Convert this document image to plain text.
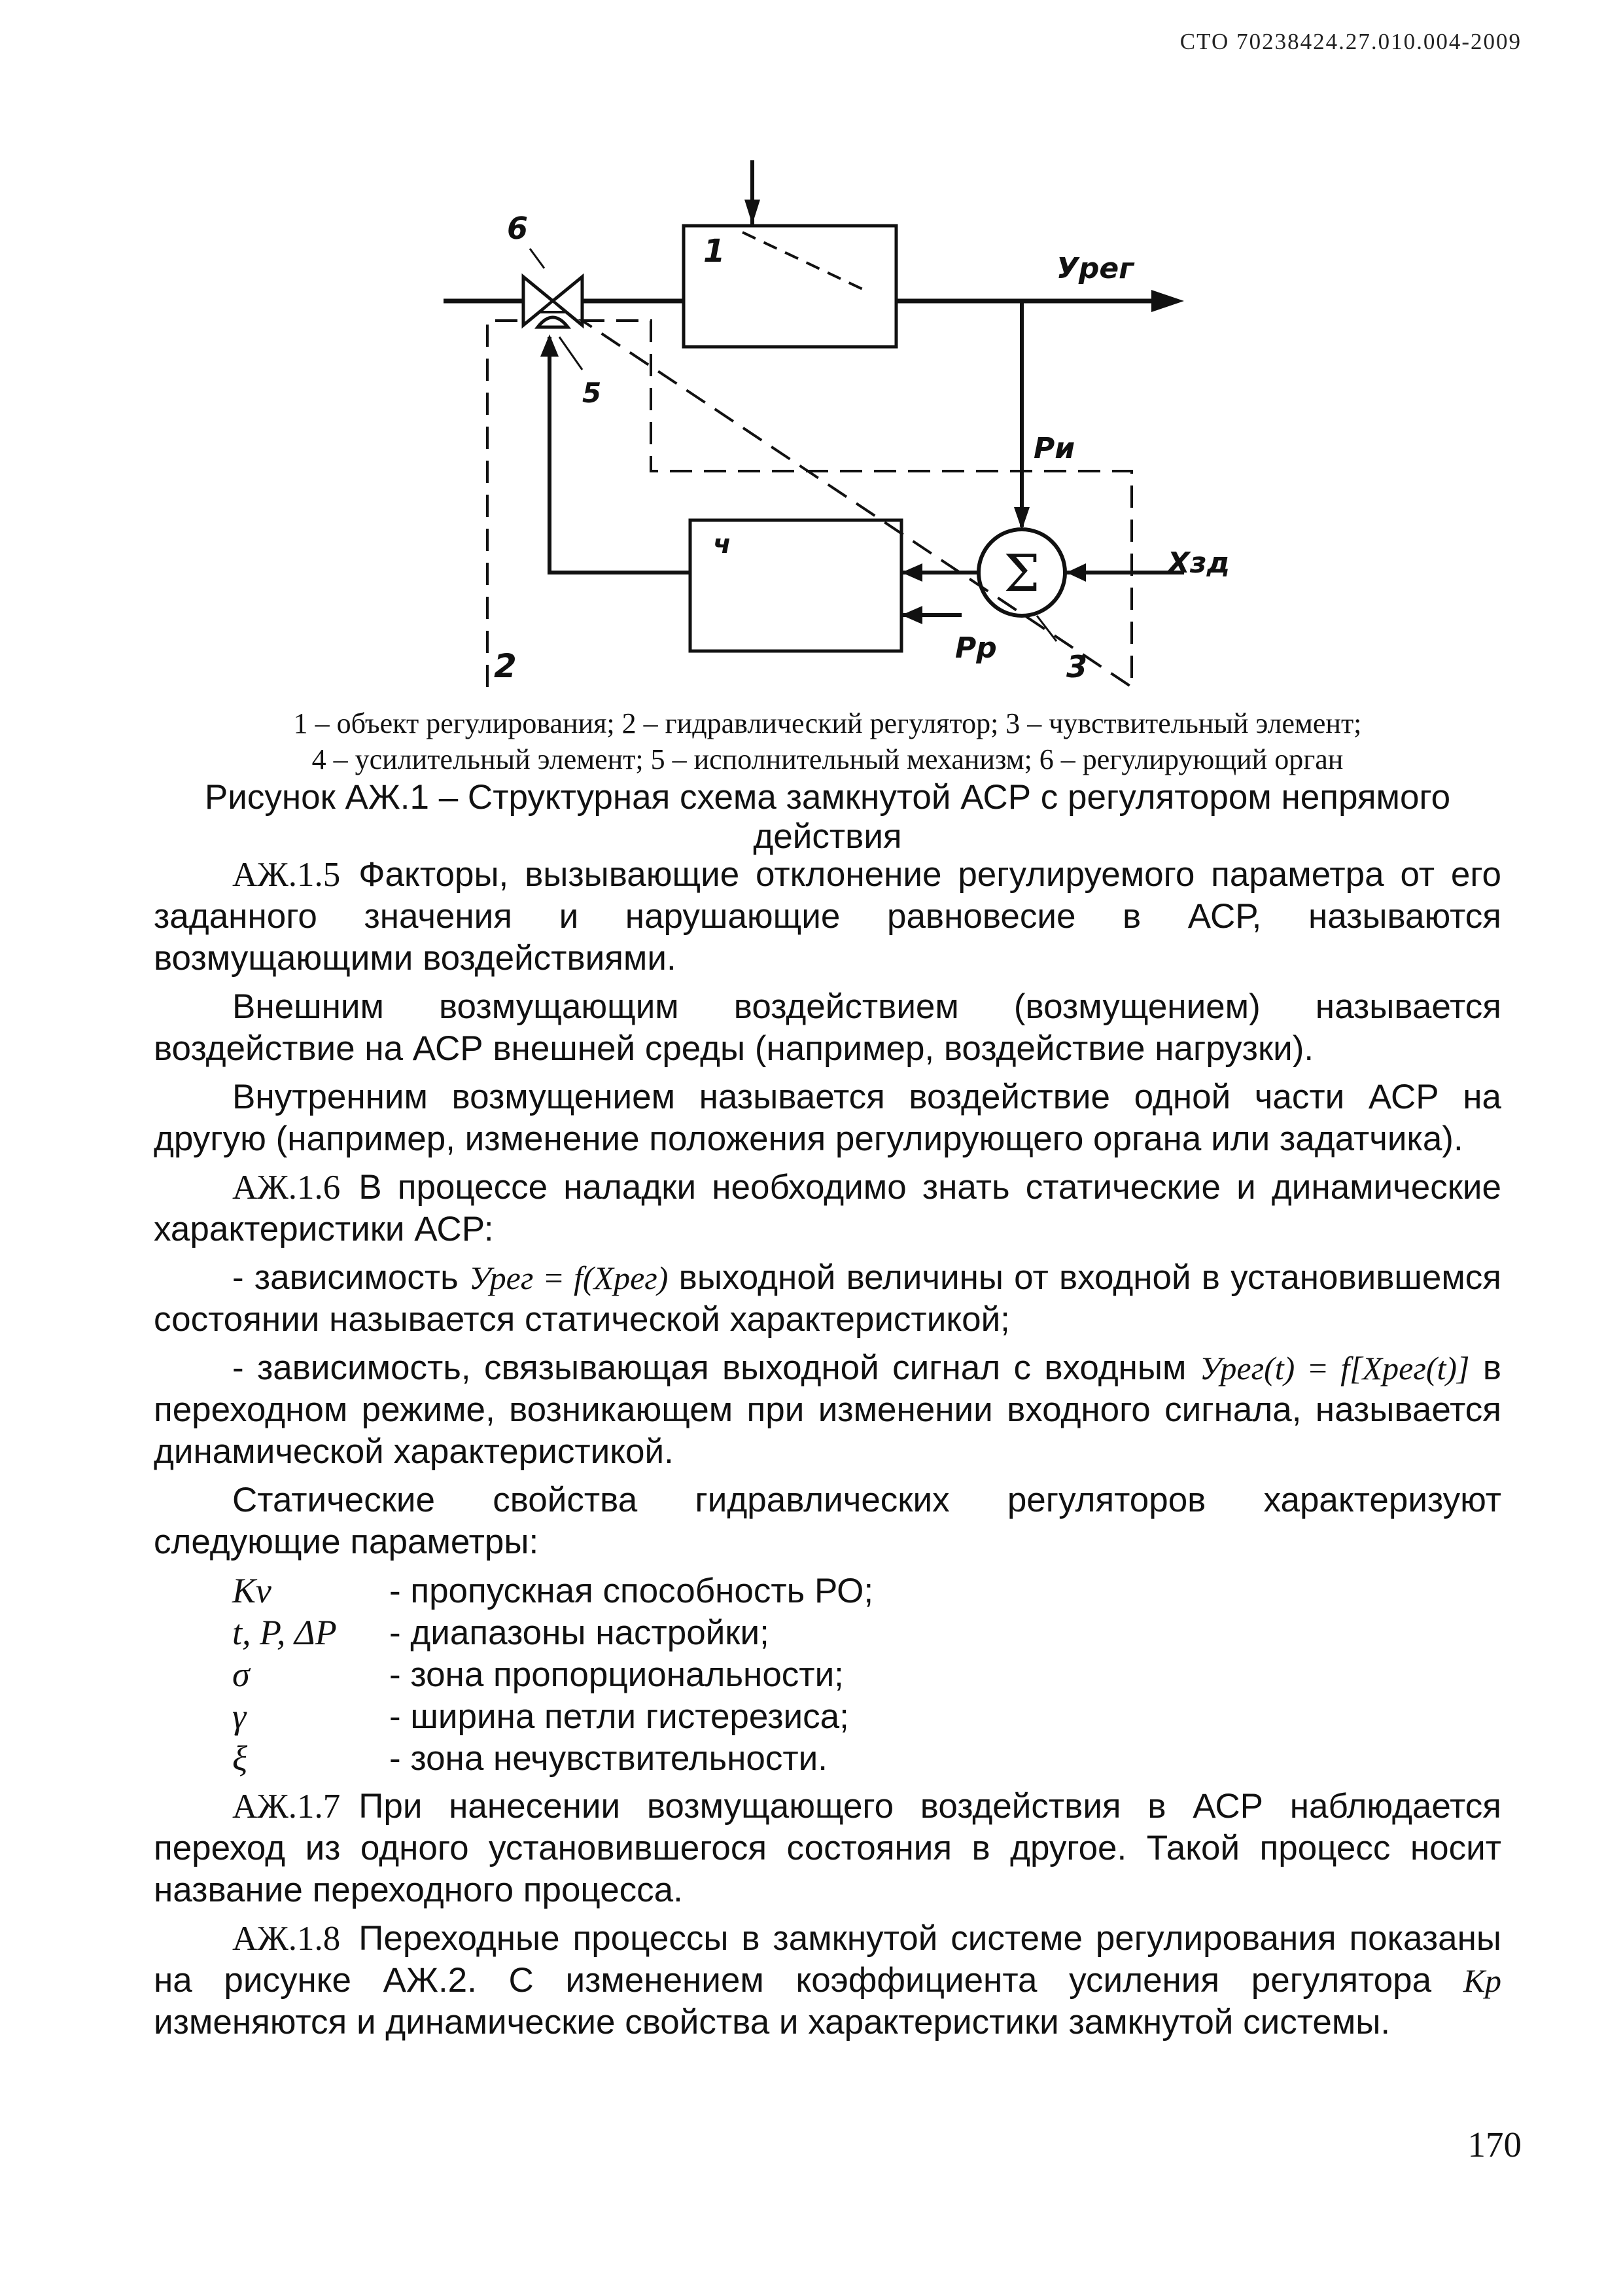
СТО 70238424.27.010.004-2009
6
1	Урег
5
Ри
ч
Хзд
Σ
2	Рр
3
1 – объект регулирования; 2 – гидравлический регулятор; 3 – чувствительный элемент;
4 – усилительный элемент; 5 – исполнительный механизм; 6 – регулирующий орган
Рисунок АЖ.1 – Структурная схема замкнутой АСР с регулятором непрямого
действия

АЖ.1.5 Факторы, вызывающие отклонение регулируемого параметра от его заданного значения и нарушающие равновесие в АСР, называются возмущающими воздействиями.

Внешним возмущающим воздействием (возмущением) называется воздействие на АСР внешней среды (например, воздействие нагрузки).

Внутренним возмущением называется воздействие одной части АСР на другую (например, изменение положения регулирующего органа или задатчика).

АЖ.1.6 В процессе наладки необходимо знать статические и динамические характеристики АСР:

- зависимость Урег = f(Хрег) выходной величины от входной в установившемся состоянии называется статической характеристикой;

- зависимость, связывающая выходной сигнал с входным Урег(t) = f[Хрег(t)] в переходном режиме, возникающем при изменении входного сигнала, называется динамической характеристикой.

Статические свойства гидравлических регуляторов характеризуют следующие параметры:

Кv	- пропускная способность РО;
t, P, ΔP	- диапазоны настройки;
σ	- зона пропорциональности;
γ	- ширина петли гистерезиса;
ξ	- зона нечувствительности.

АЖ.1.7 При нанесении возмущающего воздействия в АСР наблюдается переход из одного установившегося состояния в другое. Такой процесс носит название переходного процесса.

АЖ.1.8 Переходные процессы в замкнутой системе регулирования показаны на рисунке АЖ.2. С изменением коэффициента усиления регулятора Кр изменяются и динамические свойства и характеристики замкнутой системы.

170
